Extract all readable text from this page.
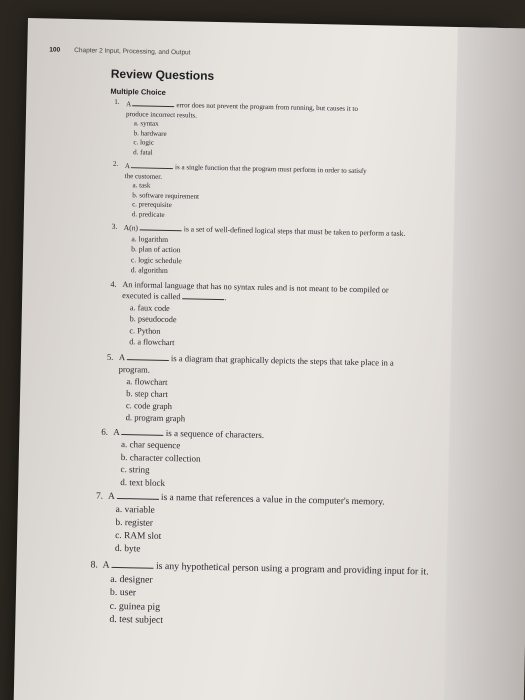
100 Chapter 2 Input, Processing, and Output
Review Questions
Multiple Choice
1. A	error does not prevent the program from running, but causes it to
produce incorrect results.
a. syntax
b. hardware
c. logic
d. fatal
2. A	is a single function that the program must perform in order to satisfy
the customer.
a. task
b. software requirement
c. prerequisite
d. predicate
3. A(n)	is a set of well-defined logical steps that must be taken to perform a task.
a. logarithm
b. plan of action
c. logic schedule
d. algorithm
4. An informal language that has no syntax rules and is not meant to be compiled or
executed is called	.
a. faux code
b. pseudocode
c. Python
d. a flowchart
5. A	is a diagram that graphically depicts the steps that take place in a
program.
a. flowchart
b. step chart
c. code graph
d. program graph
6. A	is a sequence of characters.
a. char sequence
b. character collection
c. string
d. text block
7. A	is a name that references a value in the computer's memory.
a. variable
b. register
c. RAM slot
d. byte
8. A	is any hypothetical person using a program and providing input for it.
a. designer
b. user
c. guinea pig
d. test subject
